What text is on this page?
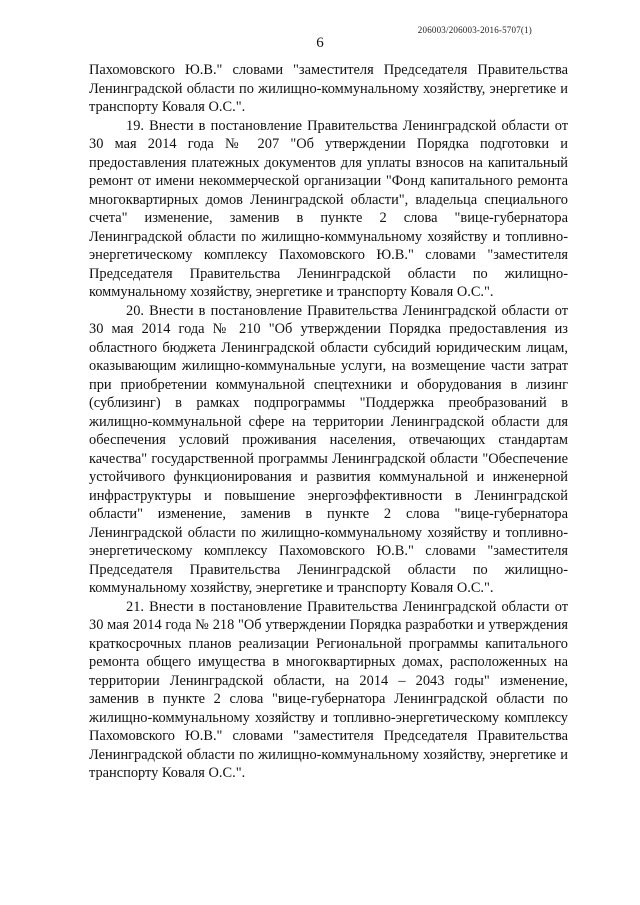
206003/206003-2016-5707(1)
6

Пахомовского Ю.В." словами "заместителя Председателя Правительства Ленинградской области по жилищно-коммунальному хозяйству, энергетике и транспорту Коваля О.С.".

19. Внести в постановление Правительства Ленинградской области от 30 мая 2014 года № 207 "Об утверждении Порядка подготовки и предоставления платежных документов для уплаты взносов на капитальный ремонт от имени некоммерческой организации "Фонд капитального ремонта многоквартирных домов Ленинградской области", владельца специального счета" изменение, заменив в пункте 2 слова "вице-губернатора Ленинградской области по жилищно-коммунальному хозяйству и топливно-энергетическому комплексу Пахомовского Ю.В." словами "заместителя Председателя Правительства Ленинградской области по жилищно-коммунальному хозяйству, энергетике и транспорту Коваля О.С.".

20. Внести в постановление Правительства Ленинградской области от 30 мая 2014 года № 210 "Об утверждении Порядка предоставления из областного бюджета Ленинградской области субсидий юридическим лицам, оказывающим жилищно-коммунальные услуги, на возмещение части затрат при приобретении коммунальной спецтехники и оборудования в лизинг (сублизинг) в рамках подпрограммы "Поддержка преобразований в жилищно-коммунальной сфере на территории Ленинградской области для обеспечения условий проживания населения, отвечающих стандартам качества" государственной программы Ленинградской области "Обеспечение устойчивого функционирования и развития коммунальной и инженерной инфраструктуры и повышение энергоэффективности в Ленинградской области" изменение, заменив в пункте 2 слова "вице-губернатора Ленинградской области по жилищно-коммунальному хозяйству и топливно-энергетическому комплексу Пахомовского Ю.В." словами "заместителя Председателя Правительства Ленинградской области по жилищно-коммунальному хозяйству, энергетике и транспорту Коваля О.С.".

21. Внести в постановление Правительства Ленинградской области от 30 мая 2014 года № 218 "Об утверждении Порядка разработки и утверждения краткосрочных планов реализации Региональной программы капитального ремонта общего имущества в многоквартирных домах, расположенных на территории Ленинградской области, на 2014 – 2043 годы" изменение, заменив в пункте 2 слова "вице-губернатора Ленинградской области по жилищно-коммунальному хозяйству и топливно-энергетическому комплексу Пахомовского Ю.В." словами "заместителя Председателя Правительства Ленинградской области по жилищно-коммунальному хозяйству, энергетике и транспорту Коваля О.С.".
